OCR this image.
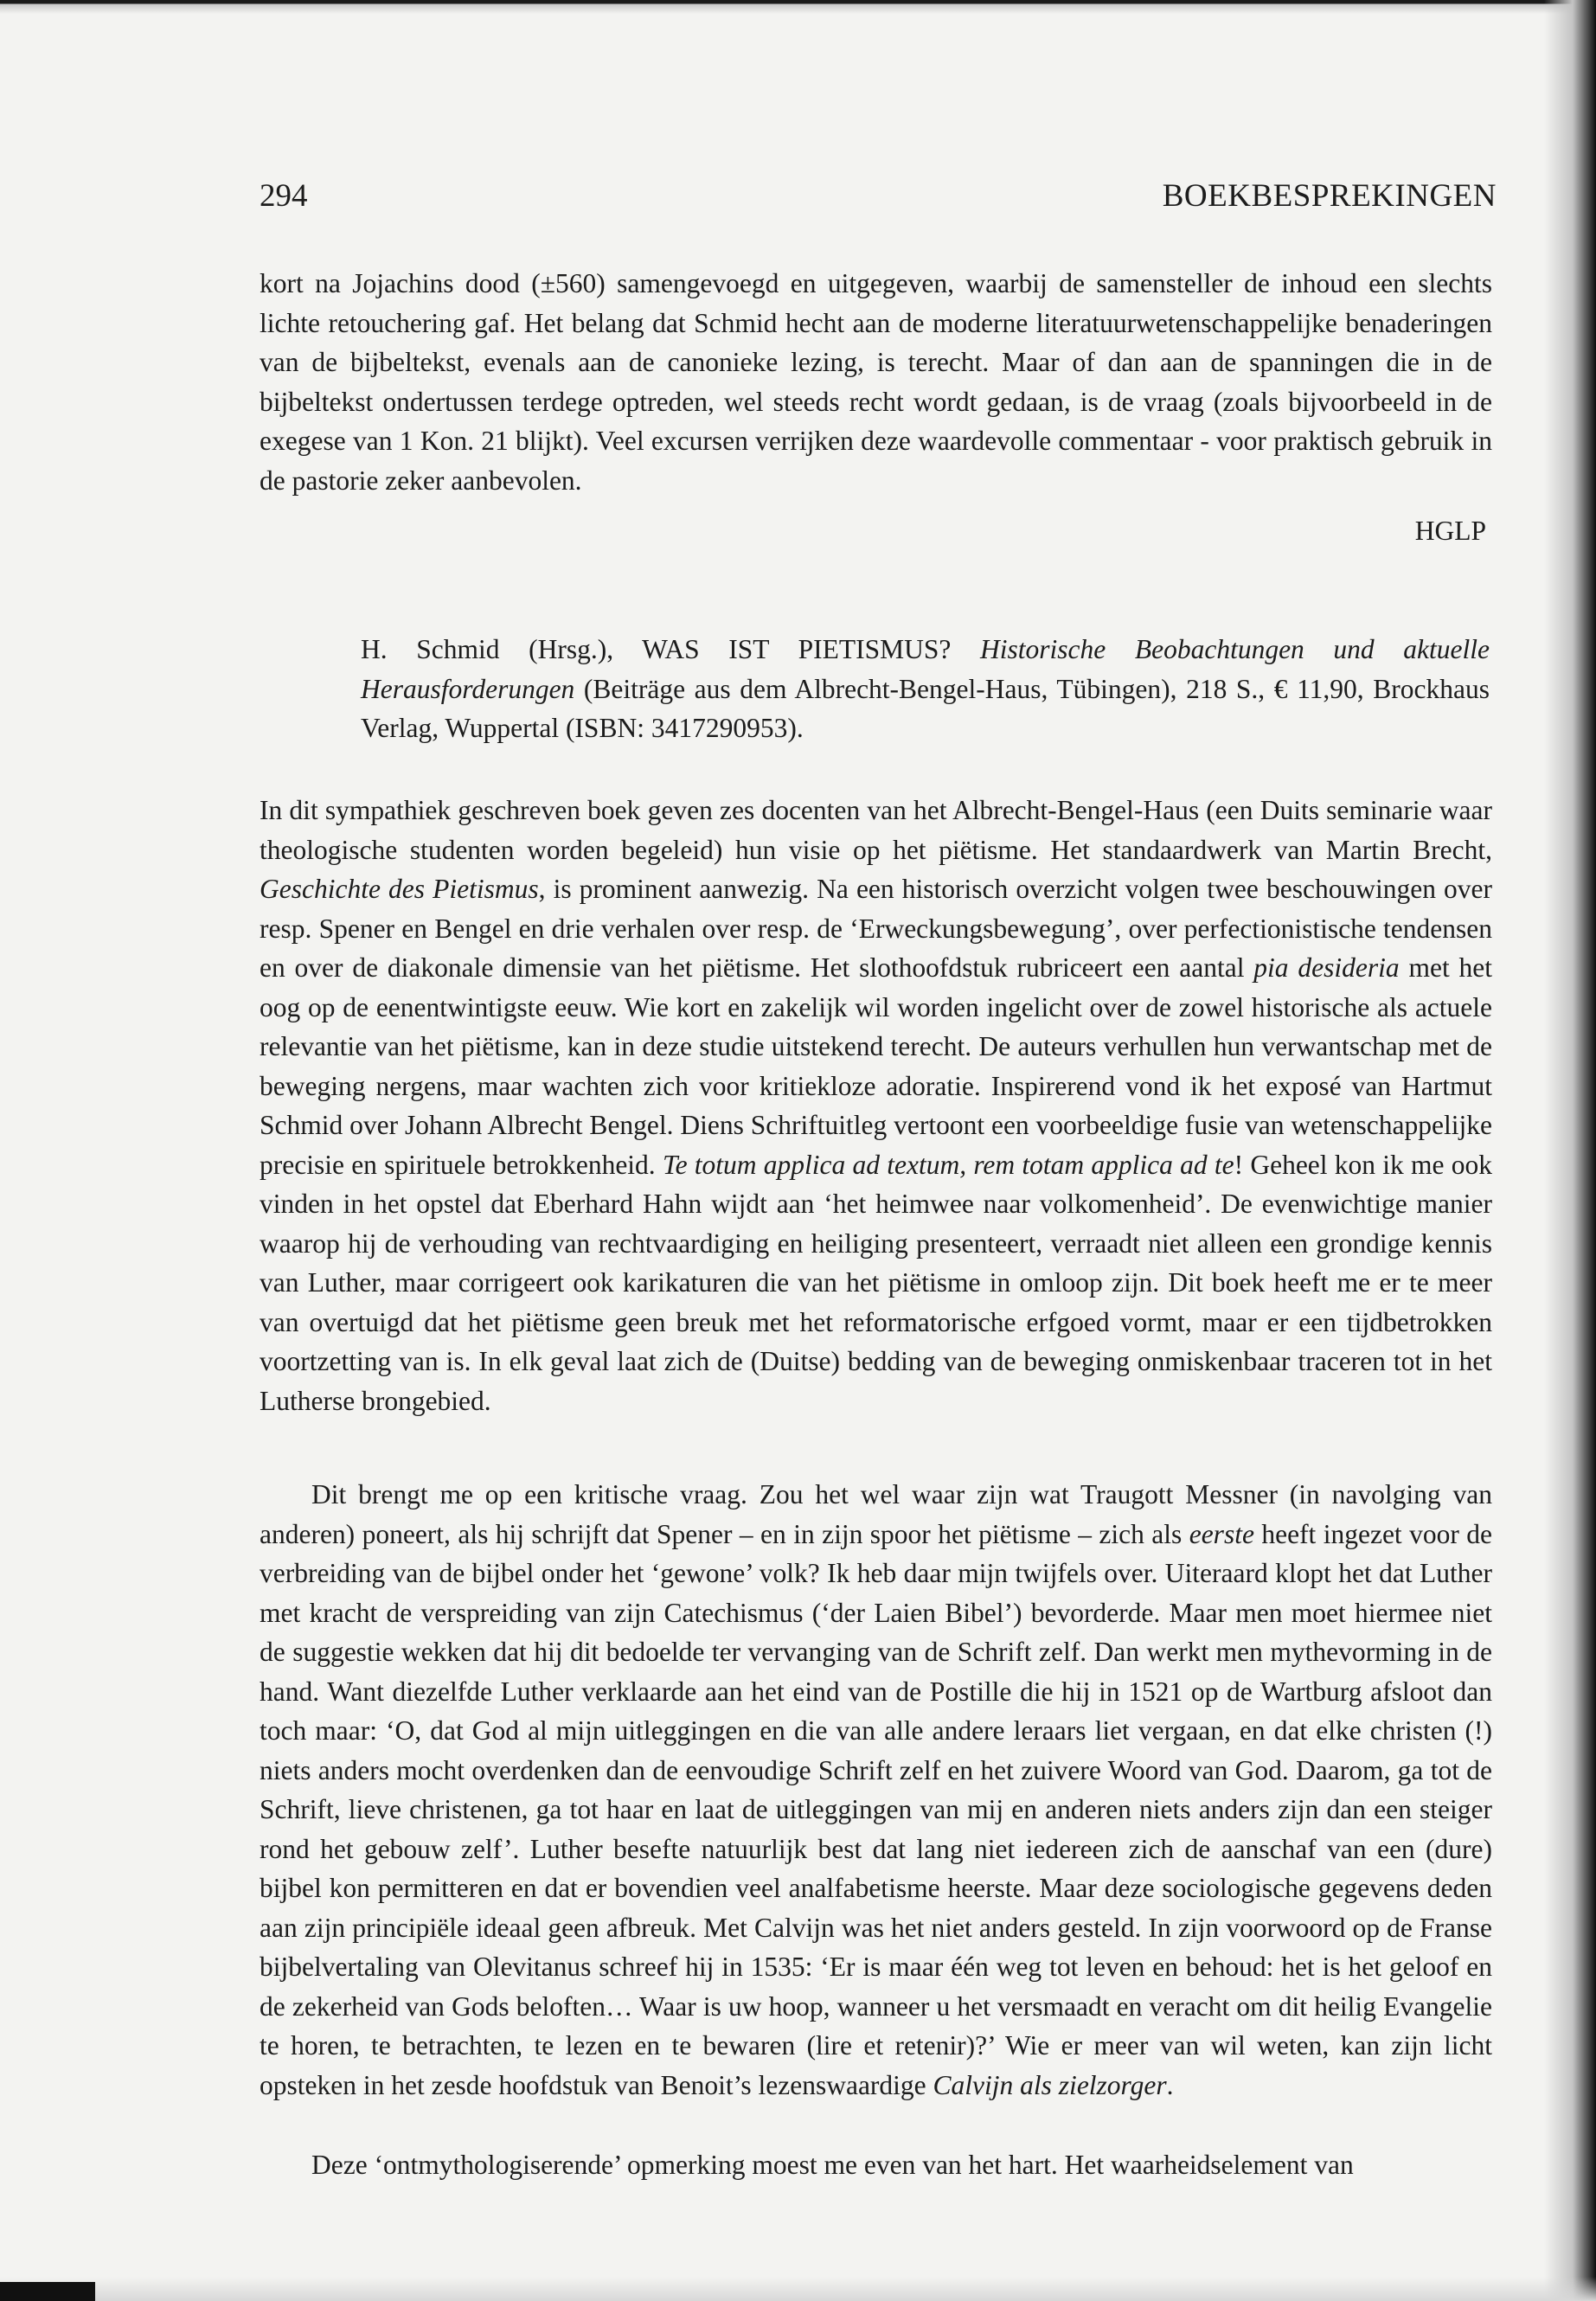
294	BOEKBESPREKINGEN

kort na Jojachins dood (±560) samengevoegd en uitgegeven, waarbij de samensteller de inhoud een slechts lichte retouchering gaf. Het belang dat Schmid hecht aan de moderne literatuurwetenschappelijke benaderingen van de bijbeltekst, evenals aan de canonieke lezing, is terecht. Maar of dan aan de spanningen die in de bijbeltekst ondertussen terdege optreden, wel steeds recht wordt gedaan, is de vraag (zoals bijvoorbeeld in de exegese van 1 Kon. 21 blijkt). Veel excursen verrijken deze waardevolle commentaar - voor praktisch gebruik in de pastorie zeker aanbevolen.

HGLP
H. Schmid (Hrsg.), WAS IST PIETISMUS? Historische Beobachtungen und aktuelle Herausforderungen (Beiträge aus dem Albrecht-Bengel-Haus, Tübingen), 218 S., € 11,90, Brockhaus Verlag, Wuppertal (ISBN: 3417290953).

In dit sympathiek geschreven boek geven zes docenten van het Albrecht-Bengel-Haus (een Duits seminarie waar theologische studenten worden begeleid) hun visie op het piëtisme. Het standaardwerk van Martin Brecht, Geschichte des Pietismus, is prominent aanwezig. Na een historisch overzicht volgen twee beschouwingen over resp. Spener en Bengel en drie verhalen over resp. de ‘Erweckungsbewegung’, over perfectionistische tendensen en over de diakonale dimensie van het piëtisme. Het slothoofdstuk rubriceert een aantal pia desideria met het oog op de eenentwintigste eeuw. Wie kort en zakelijk wil worden ingelicht over de zowel historische als actuele relevantie van het piëtisme, kan in deze studie uitstekend terecht. De auteurs verhullen hun verwantschap met de beweging nergens, maar wachten zich voor kritiekloze adoratie. Inspirerend vond ik het exposé van Hartmut Schmid over Johann Albrecht Bengel. Diens Schriftuitleg vertoont een voorbeeldige fusie van wetenschappelijke precisie en spirituele betrokkenheid. Te totum applica ad textum, rem totam applica ad te! Geheel kon ik me ook vinden in het opstel dat Eberhard Hahn wijdt aan ‘het heimwee naar volkomenheid’. De evenwichtige manier waarop hij de verhouding van rechtvaardiging en heiliging presenteert, verraadt niet alleen een grondige kennis van Luther, maar corrigeert ook karikaturen die van het piëtisme in omloop zijn. Dit boek heeft me er te meer van overtuigd dat het piëtisme geen breuk met het reformatorische erfgoed vormt, maar er een tijdbetrokken voortzetting van is. In elk geval laat zich de (Duitse) bedding van de beweging onmiskenbaar traceren tot in het Lutherse brongebied.

Dit brengt me op een kritische vraag. Zou het wel waar zijn wat Traugott Messner (in navolging van anderen) poneert, als hij schrijft dat Spener – en in zijn spoor het piëtisme – zich als eerste heeft ingezet voor de verbreiding van de bijbel onder het ‘gewone’ volk? Ik heb daar mijn twijfels over. Uiteraard klopt het dat Luther met kracht de verspreiding van zijn Catechismus (‘der Laien Bibel’) bevorderde. Maar men moet hiermee niet de suggestie wekken dat hij dit bedoelde ter vervanging van de Schrift zelf. Dan werkt men mythevorming in de hand. Want diezelfde Luther verklaarde aan het eind van de Postille die hij in 1521 op de Wartburg afsloot dan toch maar: ‘O, dat God al mijn uitleggingen en die van alle andere leraars liet vergaan, en dat elke christen (!) niets anders mocht overdenken dan de eenvoudige Schrift zelf en het zuivere Woord van God. Daarom, ga tot de Schrift, lieve christenen, ga tot haar en laat de uitleggingen van mij en anderen niets anders zijn dan een steiger rond het gebouw zelf’. Luther besefte natuurlijk best dat lang niet iedereen zich de aanschaf van een (dure) bijbel kon permitteren en dat er bovendien veel analfabetisme heerste. Maar deze sociologische gegevens deden aan zijn principiële ideaal geen afbreuk. Met Calvijn was het niet anders gesteld. In zijn voorwoord op de Franse bijbelvertaling van Olevitanus schreef hij in 1535: ‘Er is maar één weg tot leven en behoud: het is het geloof en de zekerheid van Gods beloften… Waar is uw hoop, wanneer u het versmaadt en veracht om dit heilig Evangelie te horen, te betrachten, te lezen en te bewaren (lire et retenir)?’ Wie er meer van wil weten, kan zijn licht opsteken in het zesde hoofdstuk van Benoit’s lezenswaardige Calvijn als zielzorger.

Deze ‘ontmythologiserende’ opmerking moest me even van het hart. Het waarheidselement van
